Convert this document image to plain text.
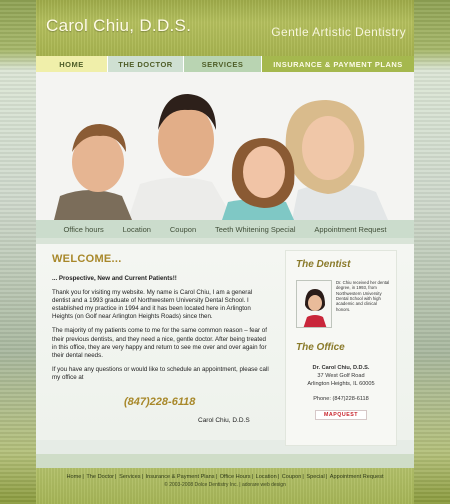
Carol Chiu, D.D.S.	Gentle Artistic Dentistry
HOME	THE DOCTOR	SERVICES	INSURANCE & PAYMENT PLANS
Office hours	Location	Coupon	Teeth Whitening Special	Appointment Request
WELCOME...

... Prospective, New and Current Patients!!

Thank you for visiting my website. My name is Carol Chiu, I am a general dentist and a 1993 graduate of Northwestern University Dental School. I established my practice in 1994 and it has been located here in Arlington Heights (on Golf near Arlington Heights Roads) since then.

The majority of my patients come to me for the same common reason – fear of their previous dentists, and they need a nice, gentle doctor. After being treated in this office, they are very happy and return to see me over and over again for their dental needs.

If you have any questions or would like to schedule an appointment, please call my office at

(847)228-6118
Carol Chiu, D.D.S
The Dentist
Dr. Chiu received her dental degree, in 1993, from Northwestern University Dental School with high academic and clinical honors.
The Office
Dr. Carol Chiu, D.D.S.
37 West Golf Road
Arlington Heights, IL 60005
Phone: (847)228-6118
MAPQUEST
Home| The Doctor| Services| Insurance & Payment Plans| Office Hours| Location| Coupon| Special| Appointment Request
© 2003-2008 Dolce Dentistry Inc. | adorare web design
